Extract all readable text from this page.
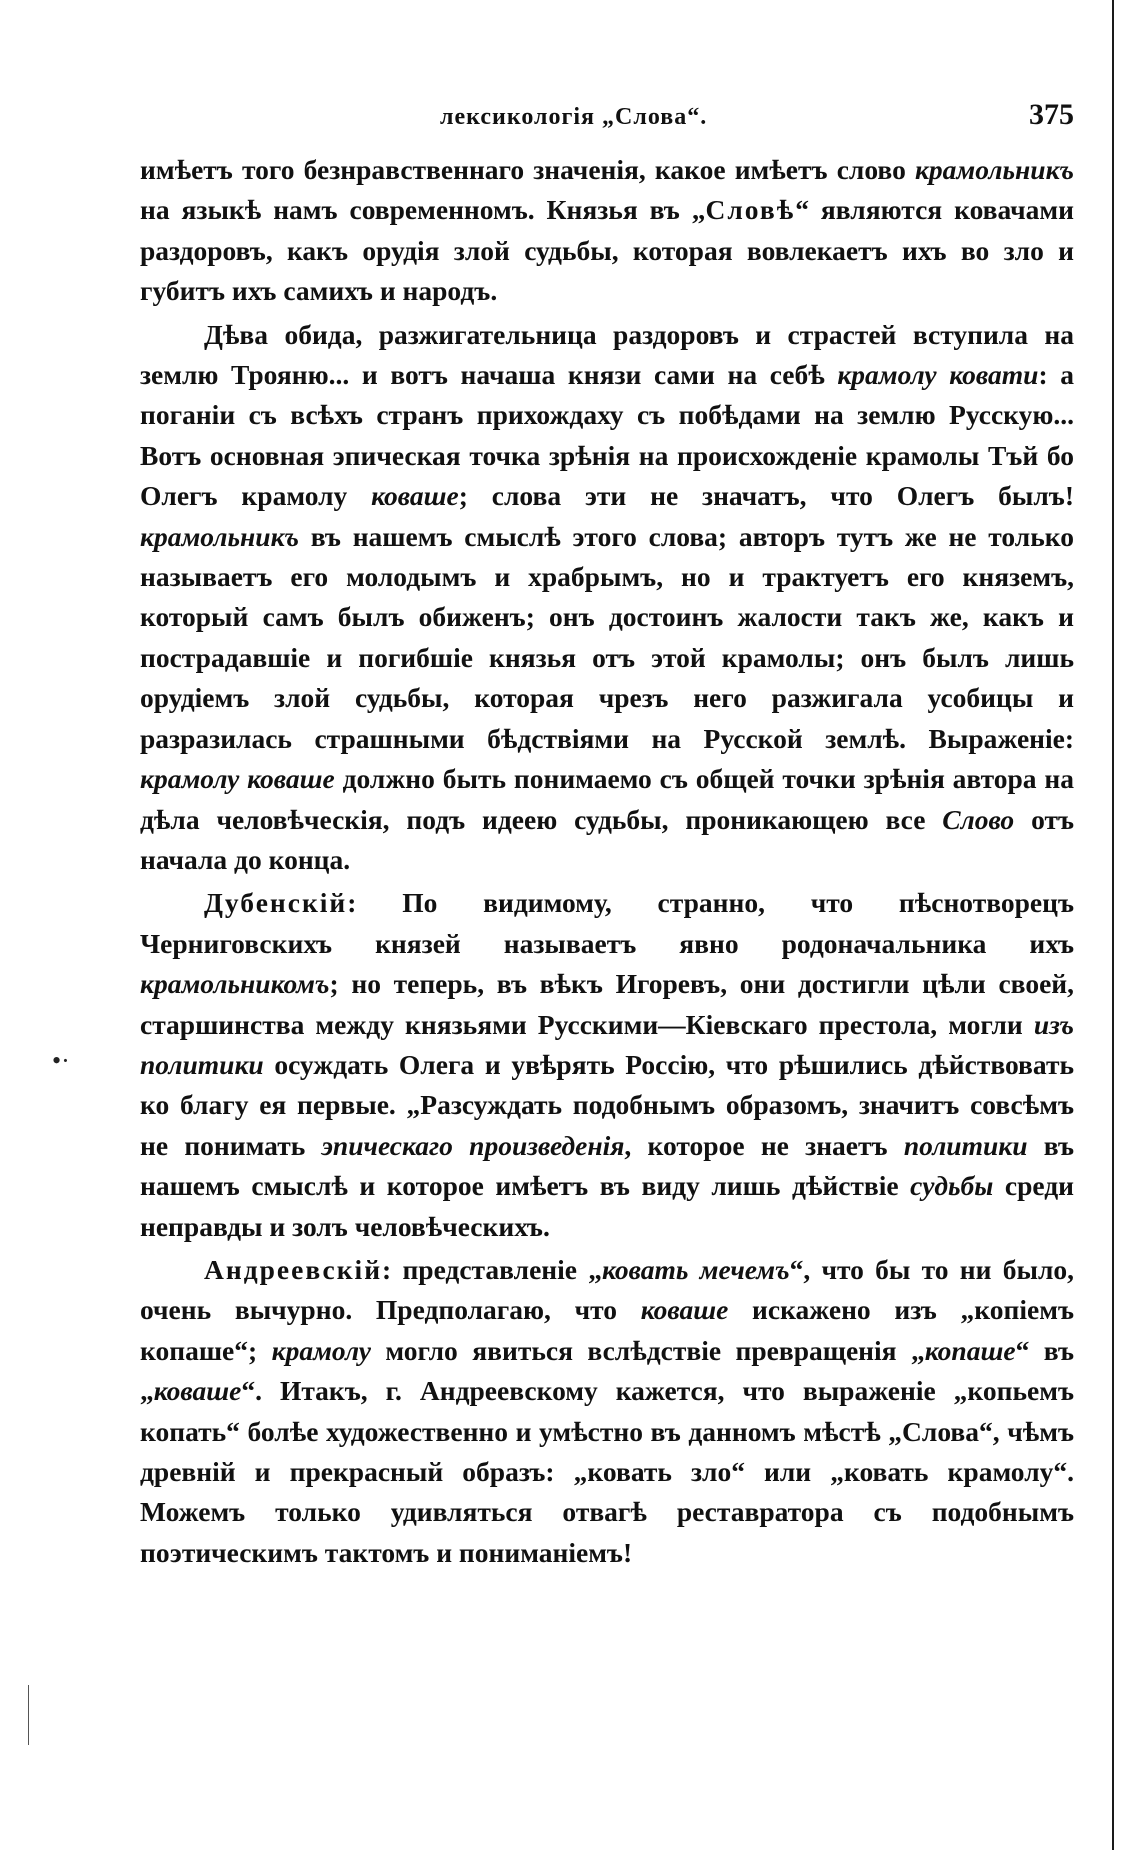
•·
лексикологiя „Слова“.	375

имѣетъ того безнравственнаго значенiя, какое имѣетъ слово крамольникъ на языкѣ намъ современномъ. Князья въ „Словѣ“ являются ковачами раздоровъ, какъ орудiя злой судьбы, которая вовлекаетъ ихъ во зло и губитъ ихъ самихъ и народъ.

Дѣва обида, разжигательница раздоровъ и страстей вступила на землю Трояню... и вотъ начаша князи сами на себѣ крамолу ковати: а поганiи съ всѣхъ странъ прихождаху съ побѣдами на землю Русскую... Вотъ основная эпическая точка зрѣнiя на происхожденiе крамолы Тъй бо Олегъ крамолу коваше; слова эти не значатъ, что Олегъ былъ! крамольникъ въ нашемъ смыслѣ этого слова; авторъ тутъ же не только называетъ его молодымъ и храбрымъ, но и трактуетъ его княземъ, который самъ былъ обиженъ; онъ достоинъ жалости такъ же, какъ и пострадавшiе и погибшiе князья отъ этой крамолы; онъ былъ лишь орудiемъ злой судьбы, которая чрезъ него разжигала усобицы и разразилась страшными бѣдствiями на Русской землѣ. Выраженiе: крамолу коваше должно быть понимаемо съ общей точки зрѣнiя автора на дѣла человѣческiя, подъ идеею судьбы, проникающею все Слово отъ начала до конца.

Дубенскiй: По видимому, странно, что пѣснотворецъ Черниговскихъ князей называетъ явно родоначальника ихъ крамольникомъ; но теперь, въ вѣкъ Игоревъ, они достигли цѣли своей, старшинства между князьями Русскими—Кiевскаго престола, могли изъ политики осуждать Олега и увѣрять Россiю, что рѣшились дѣйствовать ко благу ея первые. „Разсуждать подобнымъ образомъ, значитъ совсѣмъ не понимать эпическаго произведенiя, которое не знаетъ политики въ нашемъ смыслѣ и которое имѣетъ въ виду лишь дѣйствiе судьбы среди неправды и золъ человѣческихъ.

Андреевскiй: представленiе „ковать мечемъ“, что бы то ни было, очень вычурно. Предполагаю, что коваше искажено изъ „копiемъ копаше“; крамолу могло явиться вслѣдствiе превращенiя „копаше“ въ „коваше“. Итакъ, г. Андреевскому кажется, что выраженiе „копьемъ копать“ болѣе художественно и умѣстно въ данномъ мѣстѣ „Слова“, чѣмъ древнiй и прекрасный образъ: „ковать зло“ или „ковать крамолу“. Можемъ только удивляться отвагѣ реставратора съ подобнымъ поэтическимъ тактомъ и пониманiемъ!
